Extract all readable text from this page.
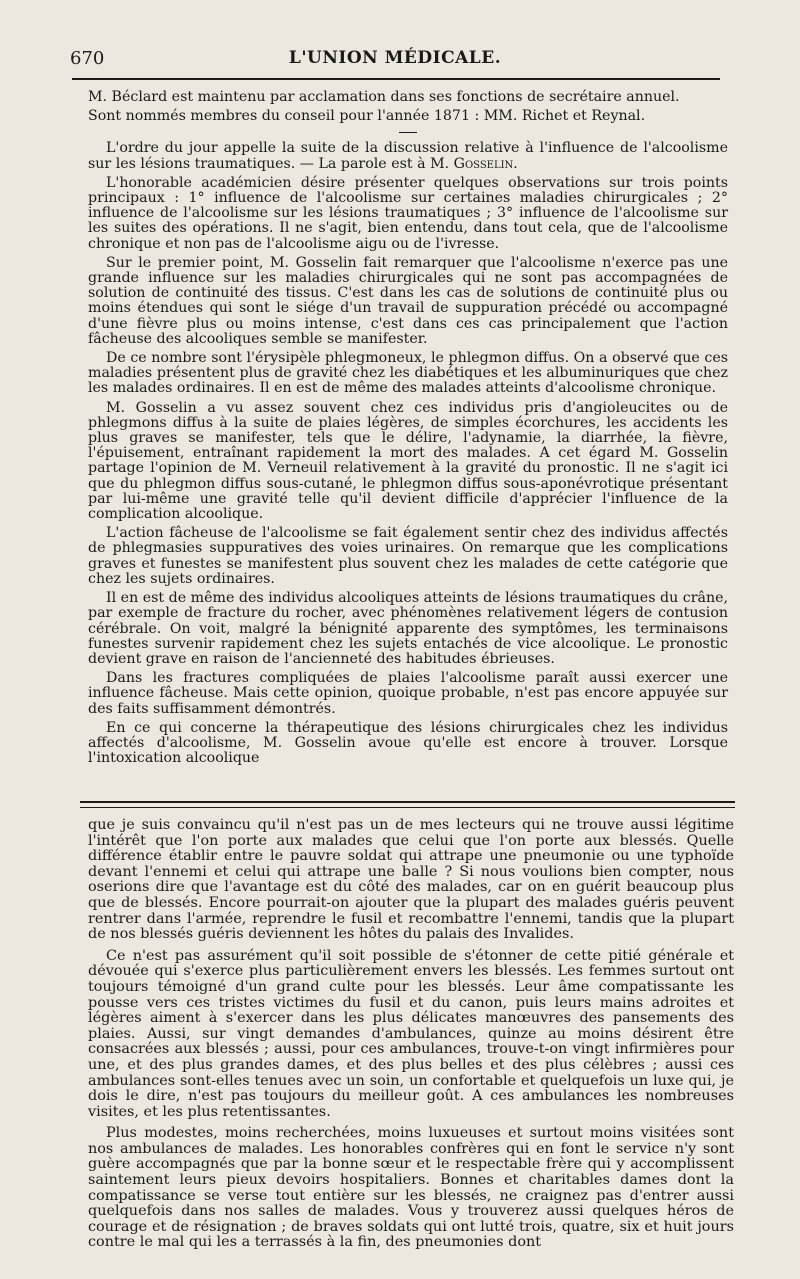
670	L'UNION MÉDICALE.

M. Béclard est maintenu par acclamation dans ses fonctions de secrétaire annuel.

Sont nommés membres du conseil pour l'année 1871 : MM. Richet et Reynal.

L'ordre du jour appelle la suite de la discussion relative à l'influence de l'alcoolisme sur les lésions traumatiques. — La parole est à M. Gosselin.

L'honorable académicien désire présenter quelques observations sur trois points principaux : 1° influence de l'alcoolisme sur certaines maladies chirurgicales ; 2° influence de l'alcoolisme sur les lésions traumatiques ; 3° influence de l'alcoolisme sur les suites des opérations. Il ne s'agit, bien entendu, dans tout cela, que de l'alcoolisme chronique et non pas de l'alcoolisme aigu ou de l'ivresse.

Sur le premier point, M. Gosselin fait remarquer que l'alcoolisme n'exerce pas une grande influence sur les maladies chirurgicales qui ne sont pas accompagnées de solution de continuité des tissus. C'est dans les cas de solutions de continuité plus ou moins étendues qui sont le siége d'un travail de suppuration précédé ou accompagné d'une fièvre plus ou moins intense, c'est dans ces cas principalement que l'action fâcheuse des alcooliques semble se manifester.

De ce nombre sont l'érysipèle phlegmoneux, le phlegmon diffus. On a observé que ces maladies présentent plus de gravité chez les diabétiques et les albuminuriques que chez les malades ordinaires. Il en est de même des malades atteints d'alcoolisme chronique.

M. Gosselin a vu assez souvent chez ces individus pris d'angioleucites ou de phlegmons diffus à la suite de plaies légères, de simples écorchures, les accidents les plus graves se manifester, tels que le délire, l'adynamie, la diarrhée, la fièvre, l'épuisement, entraînant rapidement la mort des malades. A cet égard M. Gosselin partage l'opinion de M. Verneuil relativement à la gravité du pronostic. Il ne s'agit ici que du phlegmon diffus sous-cutané, le phlegmon diffus sous-aponévrotique présentant par lui-même une gravité telle qu'il devient difficile d'apprécier l'influence de la complication alcoolique.

L'action fâcheuse de l'alcoolisme se fait également sentir chez des individus affectés de phlegmasies suppuratives des voies urinaires. On remarque que les complications graves et funestes se manifestent plus souvent chez les malades de cette catégorie que chez les sujets ordinaires.

Il en est de même des individus alcooliques atteints de lésions traumatiques du crâne, par exemple de fracture du rocher, avec phénomènes relativement légers de contusion cérébrale. On voit, malgré la bénignité apparente des symptômes, les terminaisons funestes survenir rapidement chez les sujets entachés de vice alcoolique. Le pronostic devient grave en raison de l'ancienneté des habitudes ébrieuses.

Dans les fractures compliquées de plaies l'alcoolisme paraît aussi exercer une influence fâcheuse. Mais cette opinion, quoique probable, n'est pas encore appuyée sur des faits suffisamment démontrés.

En ce qui concerne la thérapeutique des lésions chirurgicales chez les individus affectés d'alcoolisme, M. Gosselin avoue qu'elle est encore à trouver. Lorsque l'intoxication alcoolique

que je suis convaincu qu'il n'est pas un de mes lecteurs qui ne trouve aussi légitime l'intérêt que l'on porte aux malades que celui que l'on porte aux blessés. Quelle différence établir entre le pauvre soldat qui attrape une pneumonie ou une typhoïde devant l'ennemi et celui qui attrape une balle ? Si nous voulions bien compter, nous oserions dire que l'avantage est du côté des malades, car on en guérit beaucoup plus que de blessés. Encore pourrait-on ajouter que la plupart des malades guéris peuvent rentrer dans l'armée, reprendre le fusil et recombattre l'ennemi, tandis que la plupart de nos blessés guéris deviennent les hôtes du palais des Invalides.

Ce n'est pas assurément qu'il soit possible de s'étonner de cette pitié générale et dévouée qui s'exerce plus particulièrement envers les blessés. Les femmes surtout ont toujours témoigné d'un grand culte pour les blessés. Leur âme compatissante les pousse vers ces tristes victimes du fusil et du canon, puis leurs mains adroites et légères aiment à s'exercer dans les plus délicates manœuvres des pansements des plaies. Aussi, sur vingt demandes d'ambulances, quinze au moins désirent être consacrées aux blessés ; aussi, pour ces ambulances, trouve-t-on vingt infirmières pour une, et des plus grandes dames, et des plus belles et des plus célèbres ; aussi ces ambulances sont-elles tenues avec un soin, un confortable et quelquefois un luxe qui, je dois le dire, n'est pas toujours du meilleur goût. A ces ambulances les nombreuses visites, et les plus retentissantes.

Plus modestes, moins recherchées, moins luxueuses et surtout moins visitées sont nos ambulances de malades. Les honorables confrères qui en font le service n'y sont guère accompagnés que par la bonne sœur et le respectable frère qui y accomplissent saintement leurs pieux devoirs hospitaliers. Bonnes et charitables dames dont la compatissance se verse tout entière sur les blessés, ne craignez pas d'entrer aussi quelquefois dans nos salles de malades. Vous y trouverez aussi quelques héros de courage et de résignation ; de braves soldats qui ont lutté trois, quatre, six et huit jours contre le mal qui les a terrassés à la fin, des pneumonies dont
